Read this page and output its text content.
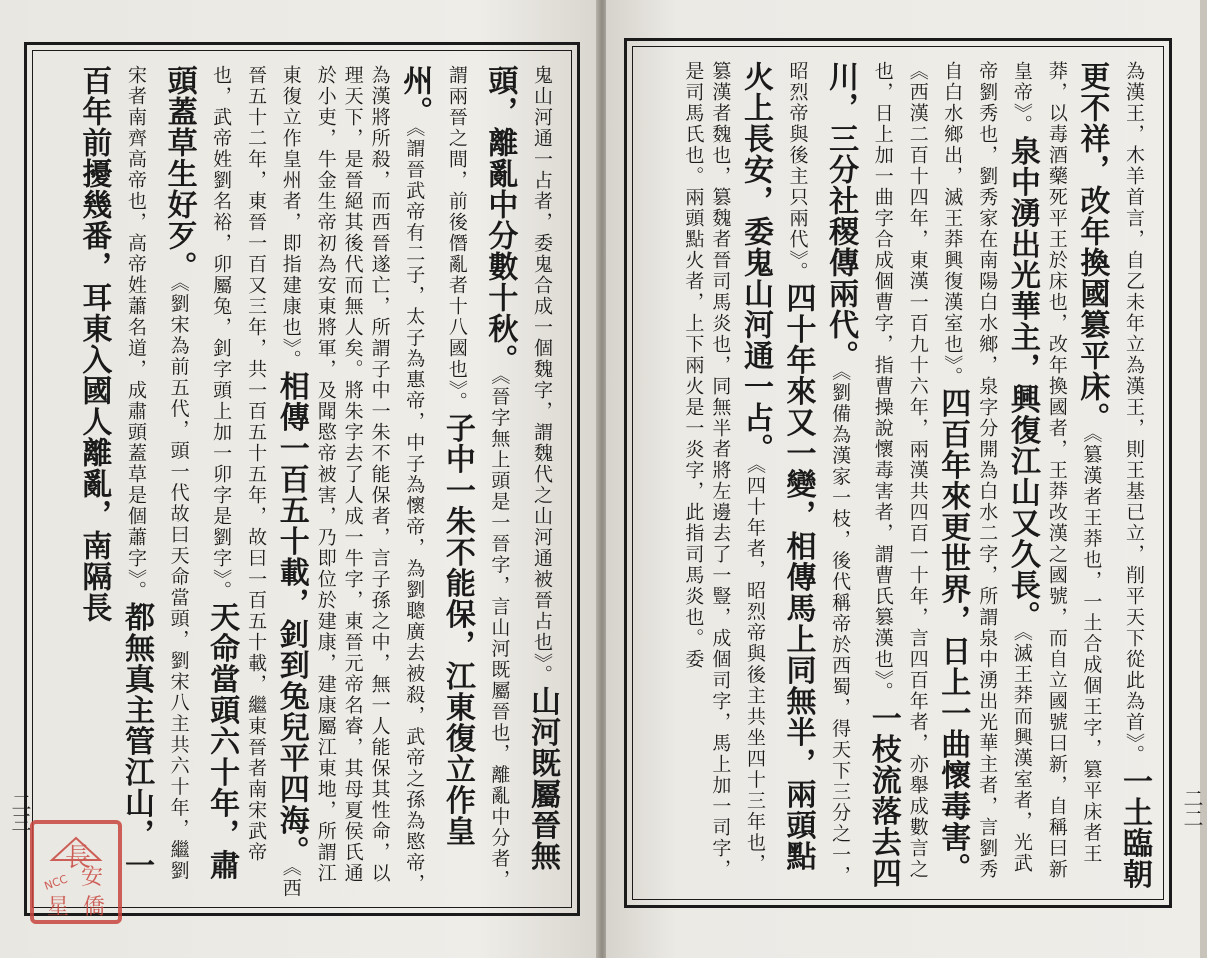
鬼山河通一占者，委鬼合成一個魏字，謂魏代之山河通被晉占也》。山河既屬晉無頭，離亂中分數十秋。《晉字無上頭是一晉字，言山河既屬晉也，離亂中分者，謂兩晉之間，前後僭亂者十八國也》。子中一朱不能保，江東復立作皇州。《謂晉武帝有二子，太子為惠帝，中子為懷帝，為劉聰廣去被殺，武帝之孫為愍帝，為漢將所殺，而西晉遂亡，所謂子中一朱不能保者，言子孫之中，無一人能保其性命，以理天下，是晉絕其後代而無人矣。將朱字去了人成一牛字，東晉元帝名睿，其母夏侯氏通於小吏，牛金生帝初為安東將軍，及聞愍帝被害，乃即位於建康，建康屬江東地，所謂江東復立作皇州者，即指建康也》。相傳一百五十載，釗到兔兒平四海。《西晉五十二年，東晉一百又三年，共一百五十五年，故曰一百五十載，繼東晉者南宋武帝也，武帝姓劉名裕，卯屬兔，釗字頭上加一卯字是劉字》。天命當頭六十年，肅頭蓋草生好歹。《劉宋為前五代，頭一代故曰天命當頭，劉宋八主共六十年，繼劉宋者南齊高帝也，高帝姓蕭名道，成肅頭蓋草是個蕭字》。都無真主管江山，一百年前擾幾番，耳東入國人離亂，南隔長
二三
長
NCC 安
星 僑
為漢王，木羊首言，自乙未年立為漢王，則王基已立，削平天下從此為首》。一土臨朝更不祥，改年換國篡平床。《篡漢者王莽也，一土合成個王字，篡平床者王莽，以毒酒藥死平王於床也，改年換國者，王莽改漢之國號，而自立國號曰新，自稱曰新皇帝》。泉中湧出光華主，興復江山又久長。《滅王莽而興漢室者，光武帝劉秀也，劉秀家在南陽白水鄉，泉字分開為白水二字，所謂泉中湧出光華主者，言劉秀自白水鄉出，滅王莽興復漢室也》。四百年來更世界，日上一曲懷毒害。《西漢二百十四年，東漢一百九十六年，兩漢共四百一十年，言四百年者，亦舉成數言之也，日上加一曲字合成個曹字，指曹操說懷毒害者，謂曹氏篡漢也》。一枝流落去四川，三分社稷傳兩代。《劉備為漢家一枝，後代稱帝於西蜀，得天下三分之一，昭烈帝與後主只兩代》。四十年來又一變，相傳馬上同無半，兩頭點火上長安，委鬼山河通一占。《四十年者，昭烈帝與後主共坐四十三年也，篡漢者魏也，篡魏者晉司馬炎也，同無半者將左邊去了一豎，成個司字，馬上加一司字，是司馬氏也。兩頭點火者，上下兩火是一炎字，此指司馬炎也。委
二二
